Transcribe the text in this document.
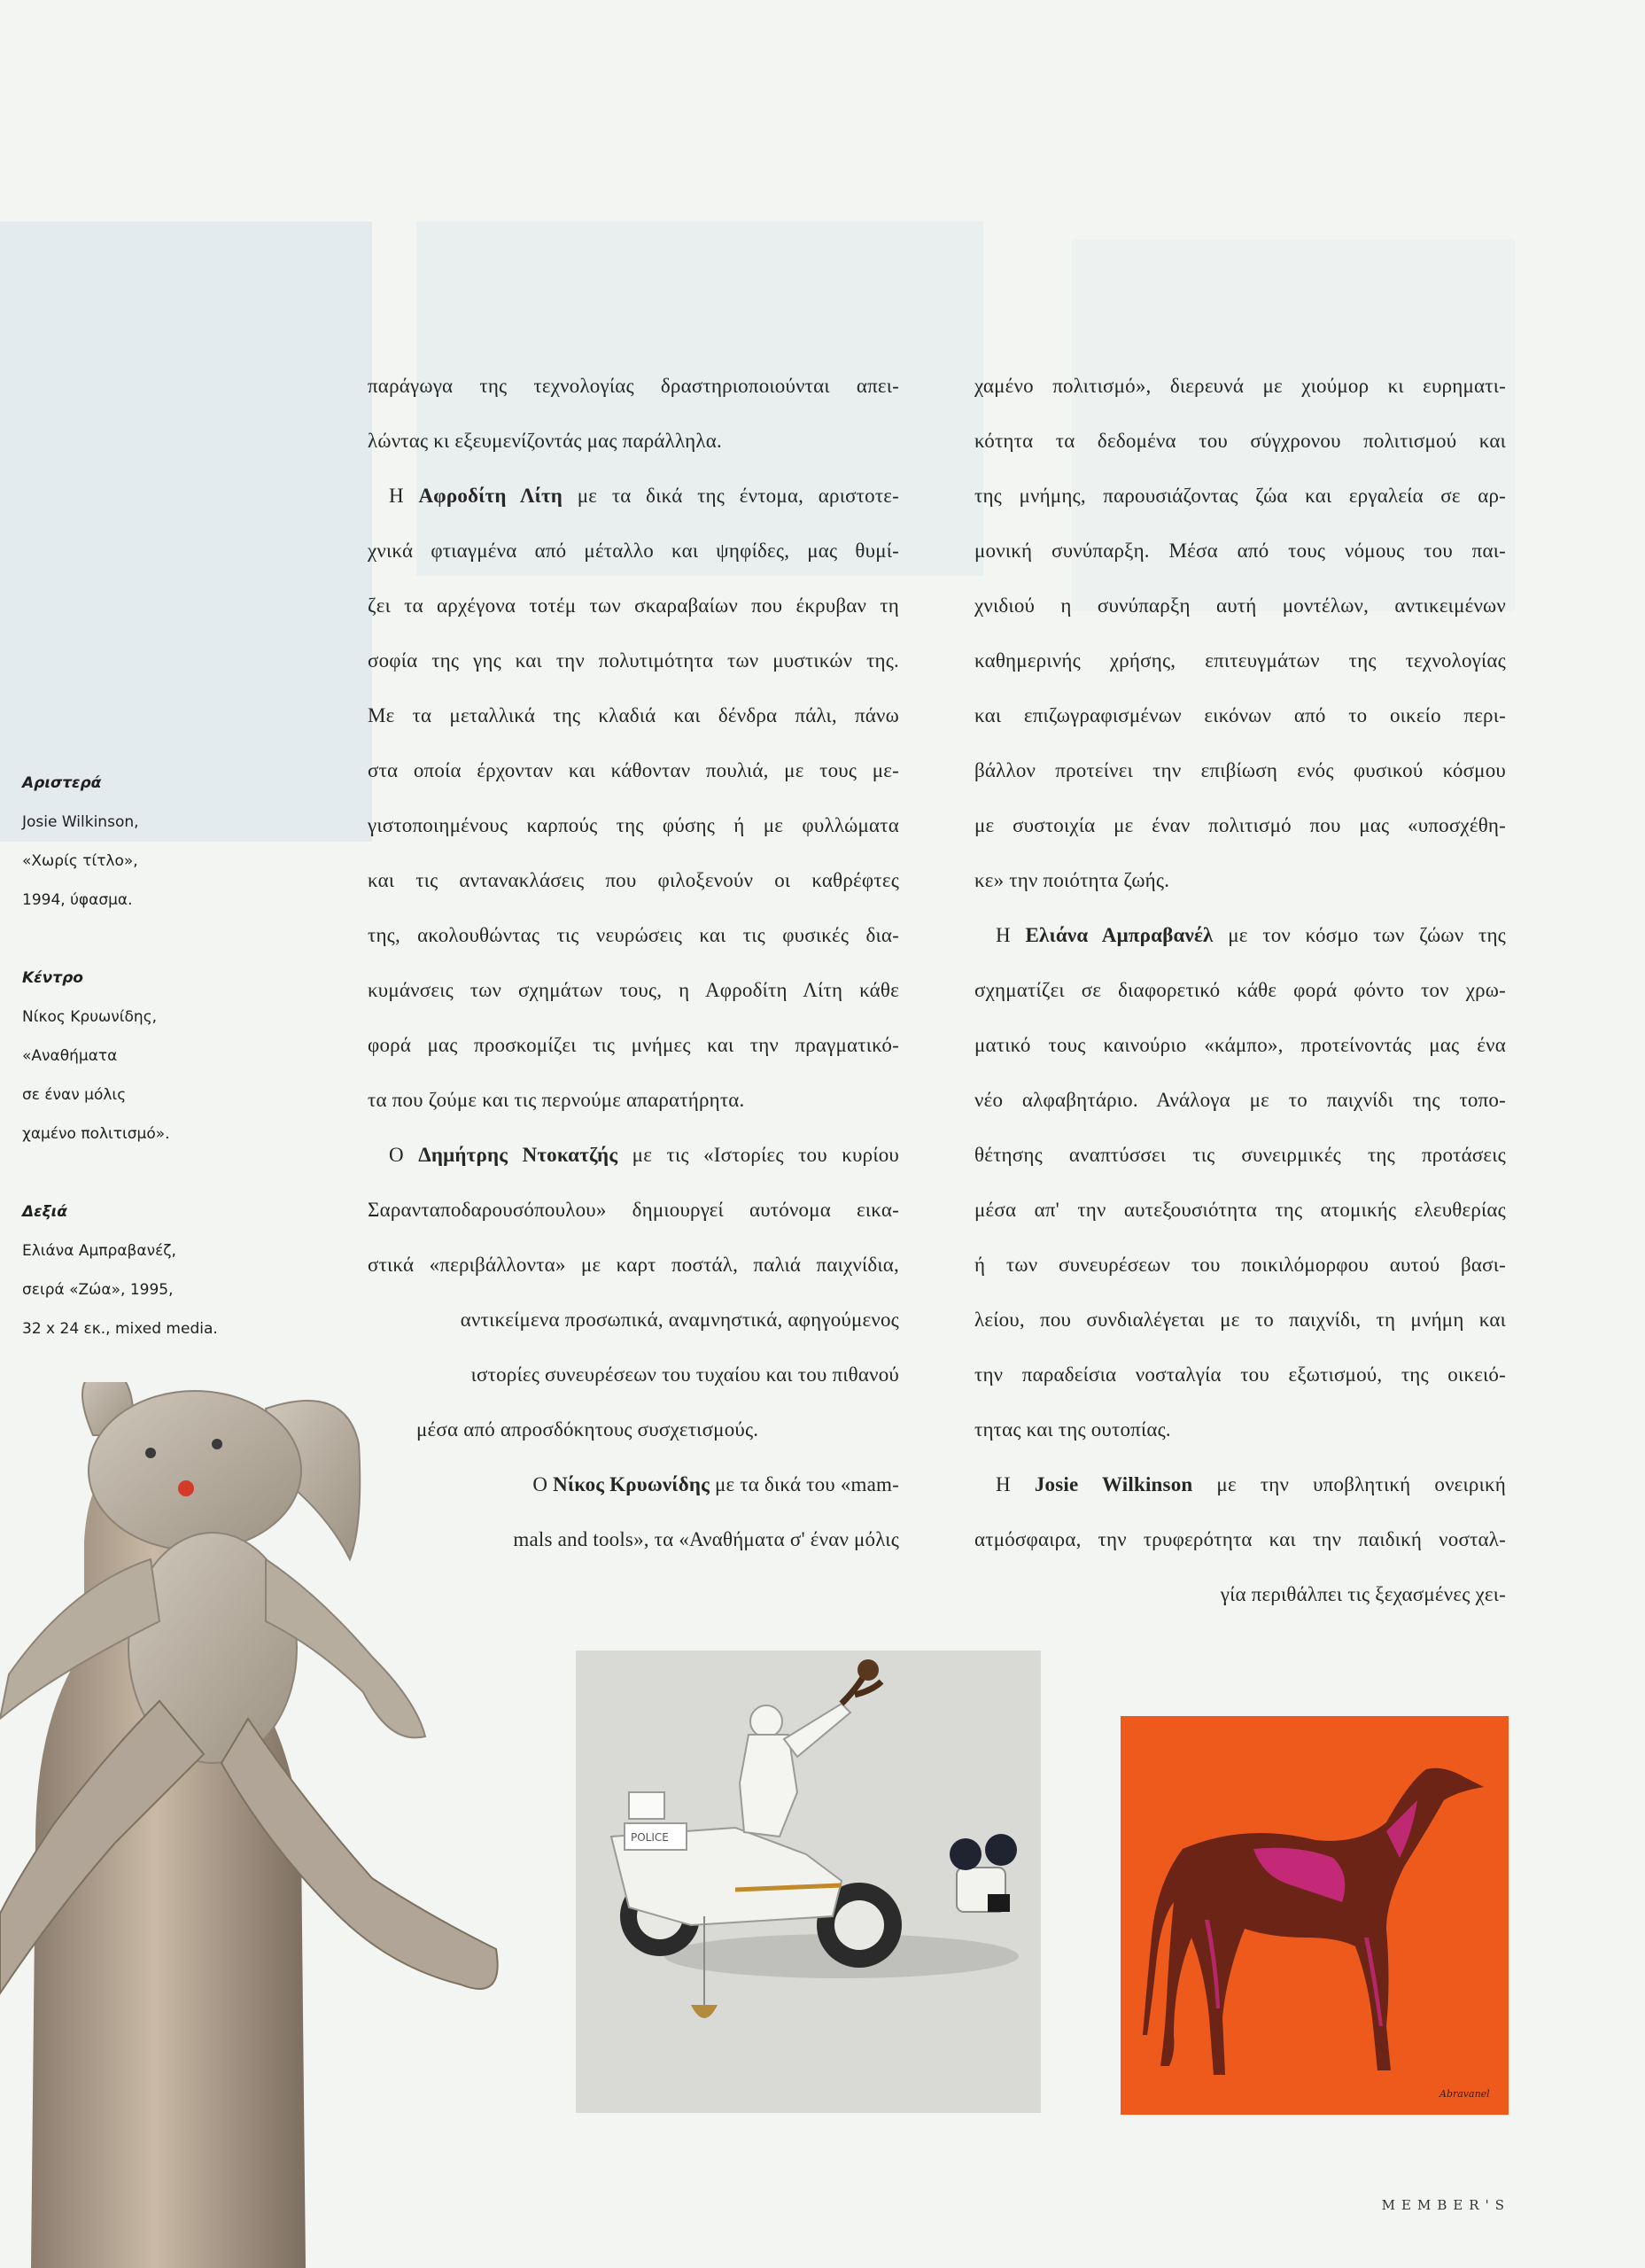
παράγωγα της τεχνολογίας δραστηριοποιούνται απει-
λώντας κι εξευμενίζοντάς μας παράλληλα.
Η Αφροδίτη Λίτη με τα δικά της έντομα, αριστοτε-
χνικά φτιαγμένα από μέταλλο και ψηφίδες, μας θυμί-
ζει τα αρχέγονα τοτέμ των σκαραβαίων που έκρυβαν τη
σοφία της γης και την πολυτιμότητα των μυστικών της.
Με τα μεταλλικά της κλαδιά και δένδρα πάλι, πάνω
στα οποία έρχονταν και κάθονταν πουλιά, με τους με-
γιστοποιημένους καρπούς της φύσης ή με φυλλώματα
και τις αντανακλάσεις που φιλοξενούν οι καθρέφτες
της, ακολουθώντας τις νευρώσεις και τις φυσικές δια-
κυμάνσεις των σχημάτων τους, η Αφροδίτη Λίτη κάθε
φορά μας προσκομίζει τις μνήμες και την πραγματικό-
τα που ζούμε και τις περνούμε απαρατήρητα.
Ο Δημήτρης Ντοκατζής με τις «Ιστορίες του κυρίου
Σαρανταποδαρουσόπουλου» δημιουργεί αυτόνομα εικα-
στικά «περιβάλλοντα» με καρτ ποστάλ, παλιά παιχνίδια,
αντικείμενα προσωπικά, αναμνηστικά, αφηγούμενος
ιστορίες συνευρέσεων του τυχαίου και του πιθανού
μέσα από απροσδόκητους συσχετισμούς.
Ο Νίκος Κρυωνίδης με τα δικά του «mam-
mals and tools», τα «Αναθήματα σ' έναν μόλις
χαμένο πολιτισμό», διερευνά με χιούμορ κι ευρηματι-
κότητα τα δεδομένα του σύγχρονου πολιτισμού και
της μνήμης, παρουσιάζοντας ζώα και εργαλεία σε αρ-
μονική συνύπαρξη. Μέσα από τους νόμους του παι-
χνιδιού η συνύπαρξη αυτή μοντέλων, αντικειμένων
καθημερινής χρήσης, επιτευγμάτων της τεχνολογίας
και επιζωγραφισμένων εικόνων από το οικείο περι-
βάλλον προτείνει την επιβίωση ενός φυσικού κόσμου
με συστοιχία με έναν πολιτισμό που μας «υποσχέθη-
κε» την ποιότητα ζωής.
Η Ελιάνα Αμπραβανέλ με τον κόσμο των ζώων της
σχηματίζει σε διαφορετικό κάθε φορά φόντο τον χρω-
ματικό τους καινούριο «κάμπο», προτείνοντάς μας ένα
νέο αλφαβητάριο. Ανάλογα με το παιχνίδι της τοπο-
θέτησης αναπτύσσει τις συνειρμικές της προτάσεις
μέσα απ' την αυτεξουσιότητα της ατομικής ελευθερίας
ή των συνευρέσεων του ποικιλόμορφου αυτού βασι-
λείου, που συνδιαλέγεται με το παιχνίδι, τη μνήμη και
την παραδείσια νοσταλγία του εξωτισμού, της οικειό-
τητας και της ουτοπίας.
Η Josie Wilkinson με την υποβλητική ονειρική
ατμόσφαιρα, την τρυφερότητα και την παιδική νοσταλ-
γία περιθάλπει τις ξεχασμένες χει-
Αριστερά
Josie Wilkinson,
«Χωρίς τίτλο»,
1994, ύφασμα.
Κέντρο
Νίκος Κρυωνίδης,
«Αναθήματα
σε έναν μόλις
χαμένο πολιτισμό».
Δεξιά
Ελιάνα Αμπραβανέζ,
σειρά «Ζώα», 1995,
32 x 24 εκ., mixed media.
POLICE
Abravanel
MEMBER'S
